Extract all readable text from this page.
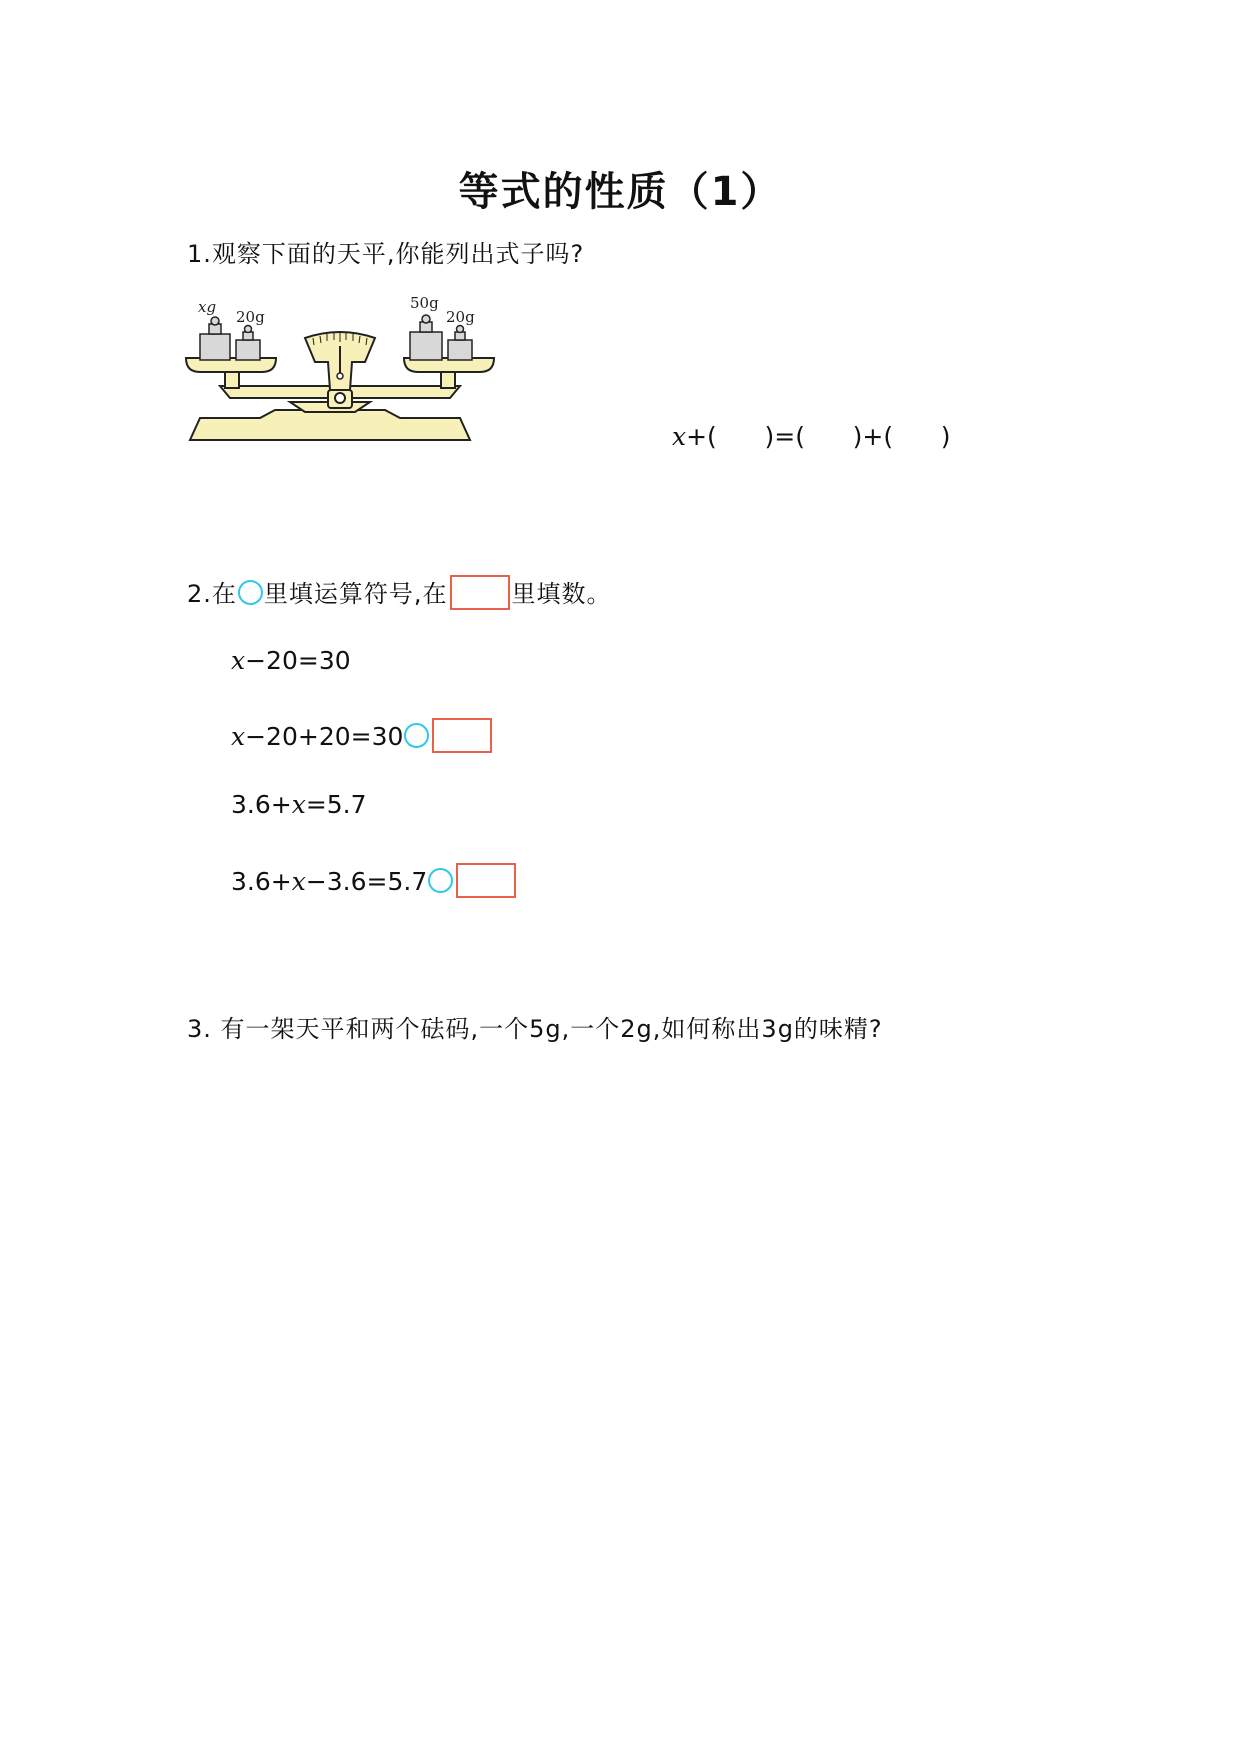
等式的性质（1）
1.观察下面的天平,你能列出式子吗?
xg
20g
50g
20g
x+(      )=(      )+(      )
2.在 里填运算符号,在	里填数。
x−20=30
x−20+20=30
3.6+x=5.7
3.6+x−3.6=5.7
3. 有一架天平和两个砝码,一个5g,一个2g,如何称出3g的味精?
